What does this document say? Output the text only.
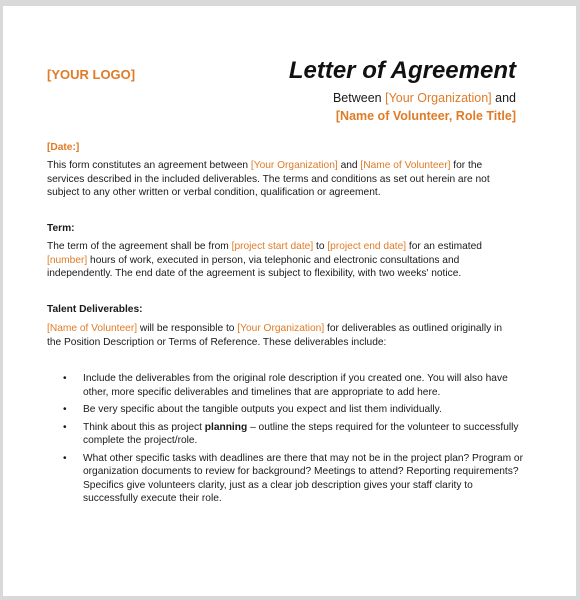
[YOUR LOGO]	Letter of Agreement
Between [Your Organization] and
[Name of Volunteer, Role Title]
[Date:]
This form constitutes an agreement between [Your Organization] and [Name of Volunteer] for the
services described in the included deliverables. The terms and conditions as set out herein are not
subject to any other written or verbal condition, qualification or agreement.
Term:
The term of the agreement shall be from [project start date] to [project end date] for an estimated
[number] hours of work, executed in person, via telephonic and electronic consultations and
independently. The end date of the agreement is subject to flexibility, with two weeks' notice.
Talent Deliverables:
[Name of Volunteer] will be responsible to [Your Organization] for deliverables as outlined originally in
the Position Description or Terms of Reference. These deliverables include:
• Include the deliverables from the original role description if you created one. You will also have other, more specific deliverables and timelines that are appropriate to add here.
• Be very specific about the tangible outputs you expect and list them individually.
• Think about this as project planning – outline the steps required for the volunteer to successfully complete the project/role.
• What other specific tasks with deadlines are there that may not be in the project plan? Program or organization documents to review for background? Meetings to attend? Reporting requirements? Specifics give volunteers clarity, just as a clear job description gives your staff clarity to successfully execute their role.
